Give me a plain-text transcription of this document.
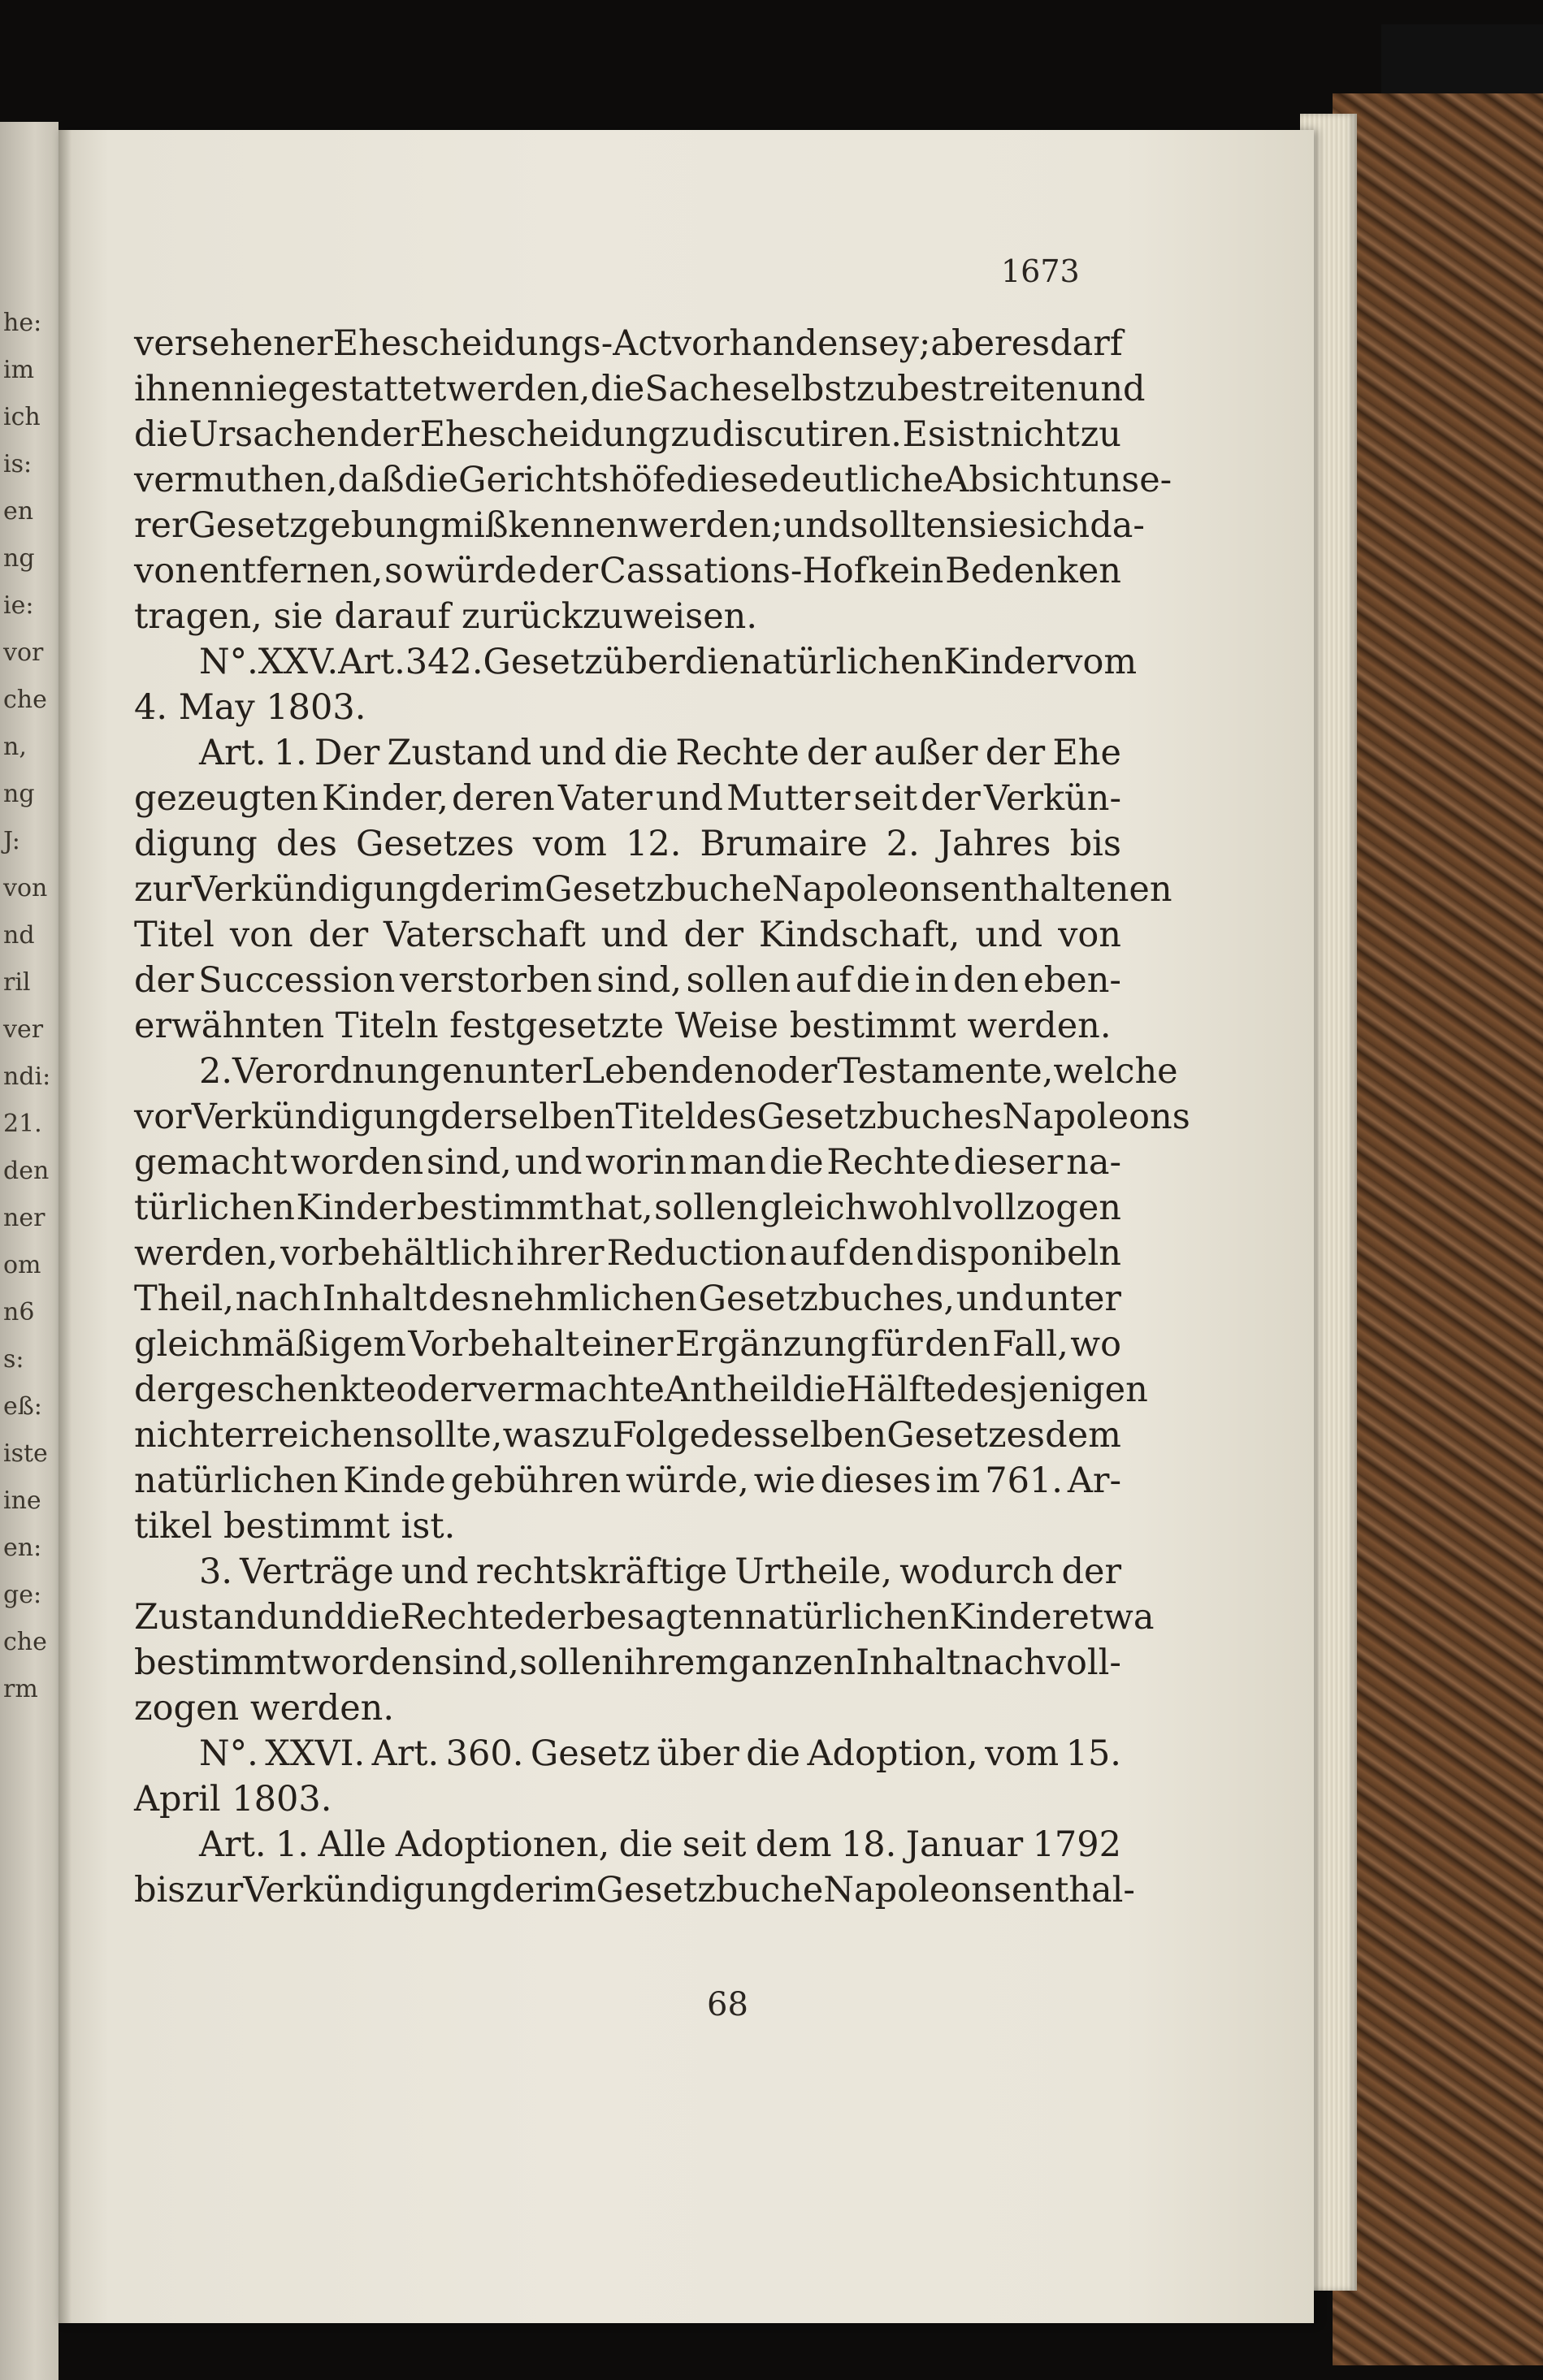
he:
im
ich
is:
en
ng
ie:
vor
che
n,
ng
J:
von
nd
ril
ver
ndi:
21.
den
ner
om
n6
s:
eß:
iste
ine
en:
ge:
che
rm
1673
versehener Ehescheidungs-Act vorhanden sey; aber es darf
ihnen nie gestattet werden, die Sache selbst zu bestreiten und
die Ursachen der Ehescheidung zu discutiren. Es ist nicht zu
vermuthen, daß die Gerichtshöfe diese deutliche Absicht unse-
rer Gesetzgebung mißkennen werden; und sollten sie sich da-
von entfernen, so würde der Cassations-Hof kein Bedenken
tragen, sie darauf zurückzuweisen.
N°. XXV. Art. 342. Gesetz über die natürlichen Kinder vom
4. May 1803.
Art. 1. Der Zustand und die Rechte der außer der Ehe
gezeugten Kinder, deren Vater und Mutter seit der Verkün-
digung des Gesetzes vom 12. Brumaire 2. Jahres bis
zur Verkündigung der im Gesetzbuche Napoleons enthaltenen
Titel von der Vaterschaft und der Kindschaft, und von
der Succession verstorben sind, sollen auf die in den eben-
erwähnten Titeln festgesetzte Weise bestimmt werden.
2. Verordnungen unter Lebenden oder Testamente, welche
vor Verkündigung derselben Titel des Gesetzbuches Napoleons
gemacht worden sind, und worin man die Rechte dieser na-
türlichen Kinder bestimmt hat, sollen gleichwohl vollzogen
werden, vorbehältlich ihrer Reduction auf den disponibeln
Theil, nach Inhalt des nehmlichen Gesetzbuches, und unter
gleichmäßigem Vorbehalt einer Ergänzung für den Fall, wo
der geschenkte oder vermachte Antheil die Hälfte desjenigen
nicht erreichen sollte, was zu Folge desselben Gesetzes dem
natürlichen Kinde gebühren würde, wie dieses im 761. Ar-
tikel bestimmt ist.
3. Verträge und rechtskräftige Urtheile, wodurch der
Zustand und die Rechte der besagten natürlichen Kinder etwa
bestimmt worden sind, sollen ihrem ganzen Inhalt nach voll-
zogen werden.
N°. XXVI. Art. 360. Gesetz über die Adoption, vom 15.
April 1803.
Art. 1. Alle Adoptionen, die seit dem 18. Januar 1792
bis zur Verkündigung der im Gesetzbuche Napoleons enthal-
68
